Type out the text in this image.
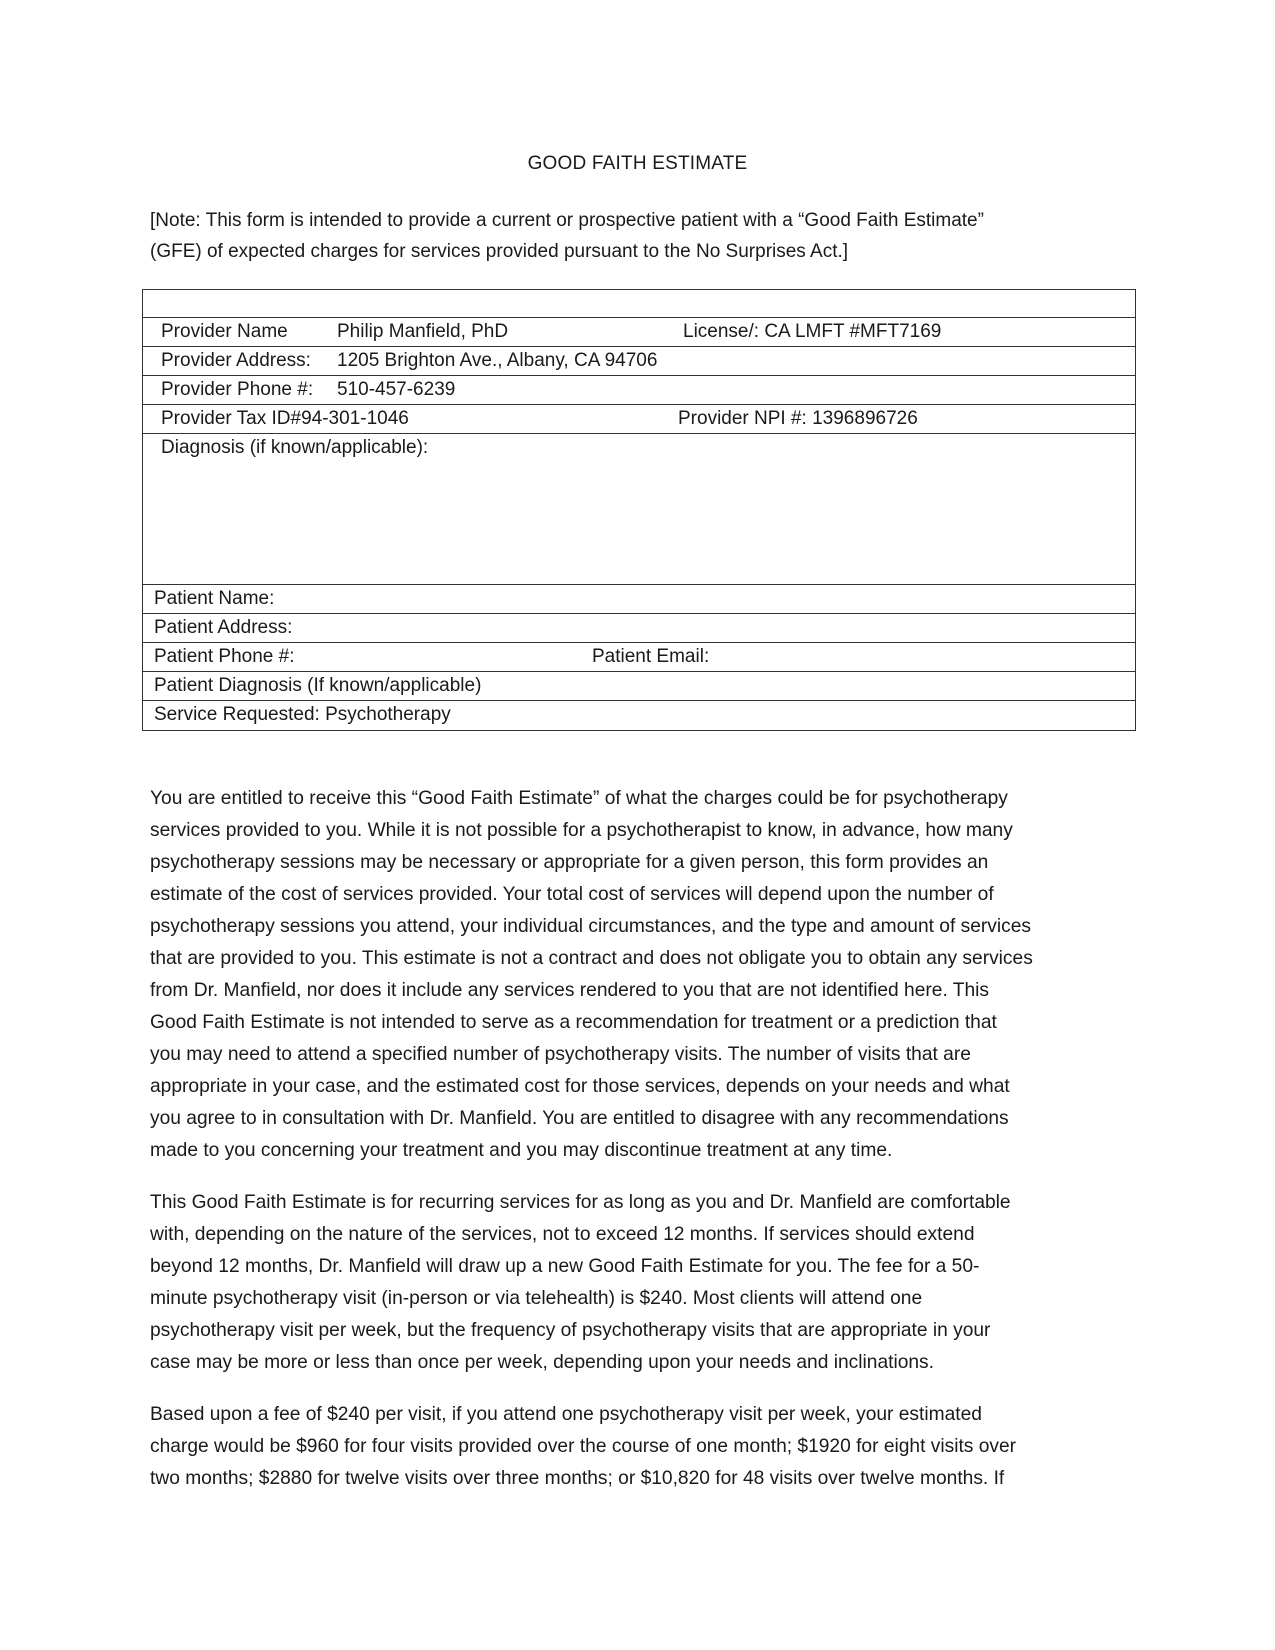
GOOD FAITH ESTIMATE

[Note: This form is intended to provide a current or prospective patient with a “Good Faith Estimate”

(GFE) of expected charges for services provided pursuant to the No Surprises Act.]

Provider Name	Philip Manfield, PhD	License/: CA LMFT #MFT7169
Provider Address: 1205 Brighton Ave., Albany, CA 94706
Provider Phone #: 510-457-6239
Provider Tax ID#94-301-1046	Provider NPI #: 1396896726
Diagnosis (if known/applicable):
Patient Name:
Patient Address:
Patient Phone #:	Patient Email:
Patient Diagnosis (If known/applicable)
Service Requested: Psychotherapy

You are entitled to receive this “Good Faith Estimate” of what the charges could be for psychotherapy
services provided to you. While it is not possible for a psychotherapist to know, in advance, how many
psychotherapy sessions may be necessary or appropriate for a given person, this form provides an
estimate of the cost of services provided. Your total cost of services will depend upon the number of
psychotherapy sessions you attend, your individual circumstances, and the type and amount of services
that are provided to you. This estimate is not a contract and does not obligate you to obtain any services
from Dr. Manfield, nor does it include any services rendered to you that are not identified here. This
Good Faith Estimate is not intended to serve as a recommendation for treatment or a prediction that
you may need to attend a specified number of psychotherapy visits. The number of visits that are
appropriate in your case, and the estimated cost for those services, depends on your needs and what
you agree to in consultation with Dr. Manfield. You are entitled to disagree with any recommendations
made to you concerning your treatment and you may discontinue treatment at any time.

This Good Faith Estimate is for recurring services for as long as you and Dr. Manfield are comfortable
with, depending on the nature of the services, not to exceed 12 months. If services should extend
beyond 12 months, Dr. Manfield will draw up a new Good Faith Estimate for you. The fee for a 50-
minute psychotherapy visit (in-person or via telehealth) is $240. Most clients will attend one
psychotherapy visit per week, but the frequency of psychotherapy visits that are appropriate in your
case may be more or less than once per week, depending upon your needs and inclinations.

Based upon a fee of $240 per visit, if you attend one psychotherapy visit per week, your estimated
charge would be $960 for four visits provided over the course of one month; $1920 for eight visits over
two months; $2880 for twelve visits over three months; or $10,820 for 48 visits over twelve months. If
